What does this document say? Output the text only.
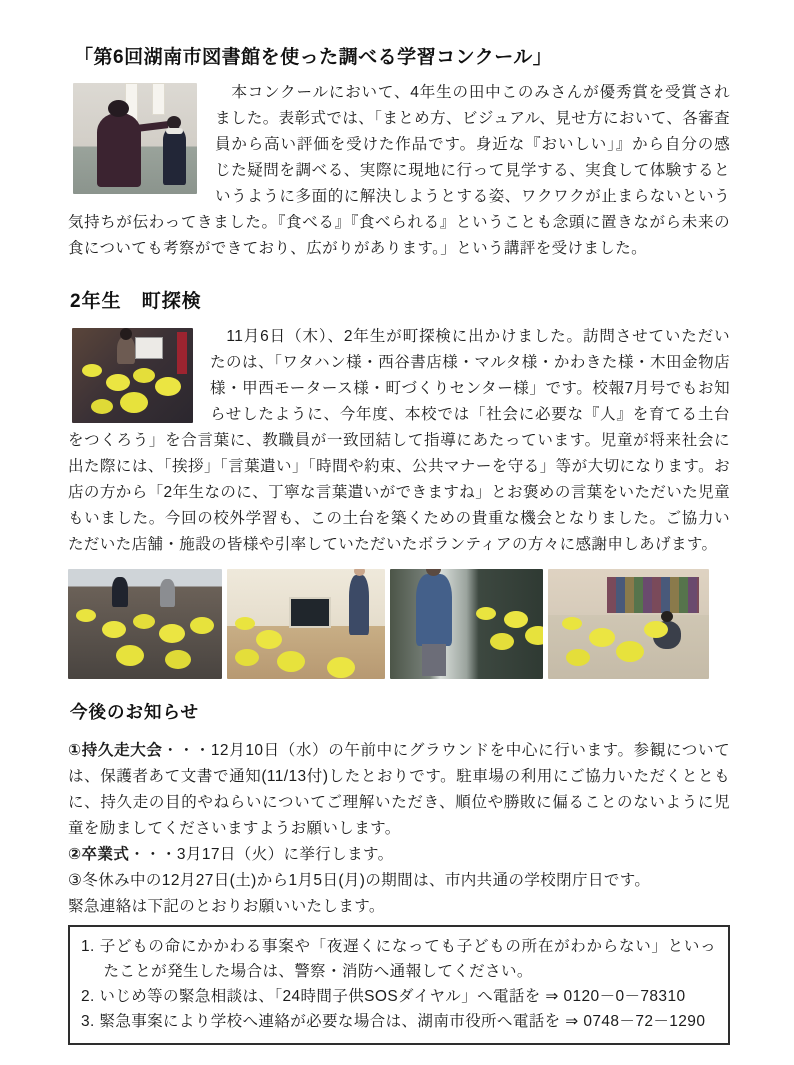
「第6回湖南市図書館を使った調べる学習コンクール」

　本コンクールにおいて、4年生の田中このみさんが優秀賞を受賞されました。表彰式では、「まとめ方、ビジュアル、見せ方において、各審査員から高い評価を受けた作品です。身近な『おいしい」』から自分の感じた疑問を調べる、実際に現地に行って見学する、実食して体験するというように多面的に解決しようとする姿、ワクワクが止まらないという気持ちが伝わってきました。『食べる』『食べられる』ということも念頭に置きながら未来の食についても考察ができており、広がりがあります。」という講評を受けました。

2年生　町探検

　11月6日（木）、2年生が町探検に出かけました。訪問させていただいたのは、「ワタハン様・西谷書店様・マルタ様・かわきた様・木田金物店様・甲西モータース様・町づくりセンター様」です。校報7月号でもお知らせしたように、今年度、本校では「社会に必要な『人』を育てる土台をつくろう」を合言葉に、教職員が一致団結して指導にあたっています。児童が将来社会に出た際には、「挨拶」「言葉遣い」「時間や約束、公共マナーを守る」等が大切になります。お店の方から「2年生なのに、丁寧な言葉遣いができますね」とお褒めの言葉をいただいた児童もいました。今回の校外学習も、この土台を築くための貴重な機会となりました。ご協力いただいた店舗・施設の皆様や引率していただいたボランティアの方々に感謝申しあげます。

今後のお知らせ

①持久走大会・・・12月10日（水）の午前中にグラウンドを中心に行います。参観については、保護者あて文書で通知(11/13付)したとおりです。駐車場の利用にご協力いただくとともに、持久走の目的やねらいについてご理解いただき、順位や勝敗に偏ることのないように児童を励ましてくださいますようお願いします。

②卒業式・・・3月17日（火）に挙行します。

③冬休み中の12月27日(土)から1月5日(月)の期間は、市内共通の学校閉庁日です。

緊急連絡は下記のとおりお願いいたします。

1. 子どもの命にかかわる事案や「夜遅くになっても子どもの所在がわからない」といったことが発生した場合は、警察・消防へ通報してください。

2. いじめ等の緊急相談は、「24時間子供SOSダイヤル」へ電話を ⇒ 0120－0－78310

3. 緊急事案により学校へ連絡が必要な場合は、湖南市役所へ電話を ⇒ 0748－72－1290
